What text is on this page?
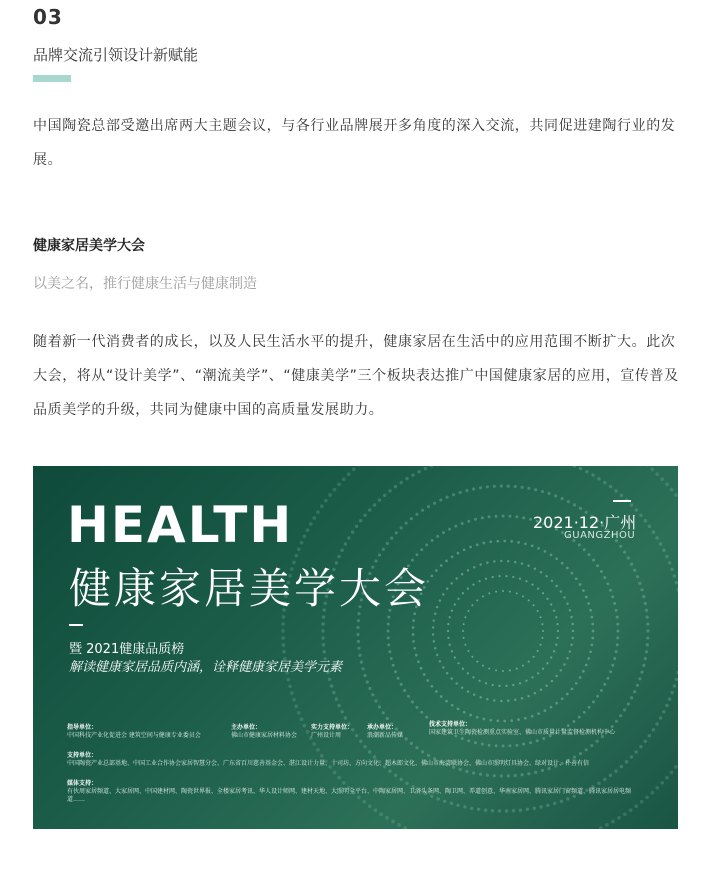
03
品牌交流引领设计新赋能
中国陶瓷总部受邀出席两大主题会议，与各行业品牌展开多角度的深入交流，共同促进建陶行业的发展。
健康家居美学大会
以美之名，推行健康生活与健康制造
随着新一代消费者的成长，以及人民生活水平的提升，健康家居在生活中的应用范围不断扩大。此次大会，将从“设计美学”、“潮流美学”、“健康美学”三个板块表达推广中国健康家居的应用，宣传普及品质美学的升级，共同为健康中国的高质量发展助力。
HEALTH
健康家居美学大会
2021·12·广州
GUANGZHOU
暨 2021健康品质榜
解读健康家居品质内涵，诠释健康家居美学元素
指导单位：
中国科技产业化促进会 建筑空间与健康专业委员会
主办单位：
佛山市健康家居材料协会
实力支持单位：
广州设计周
承办单位：
浪潮新品传媒
技术支持单位：
国家建筑卫生陶瓷检测重点实验室、佛山市质量计量监督检测机构中心
支持单位：
中国陶瓷产业总部基地、中国工业合作协会家居智慧分会、广东省百川慈善基金会、湛江设计力量、十司坊、方向文化、超木郎文化、佛山市海湾联协会、佛山市照明灯具协会、绿对设计、朴善有信
媒体支持：
有伙周家居频道、大家居网、中国建材网、陶瓷世界报、全楼家居考讯、华人设计师网、建材天地、大照明全平台、中陶家居网、卫浴头条网、陶卫网、养道创意、华南家居网、腾讯家居门窗频道、腾讯家居居电频道……
